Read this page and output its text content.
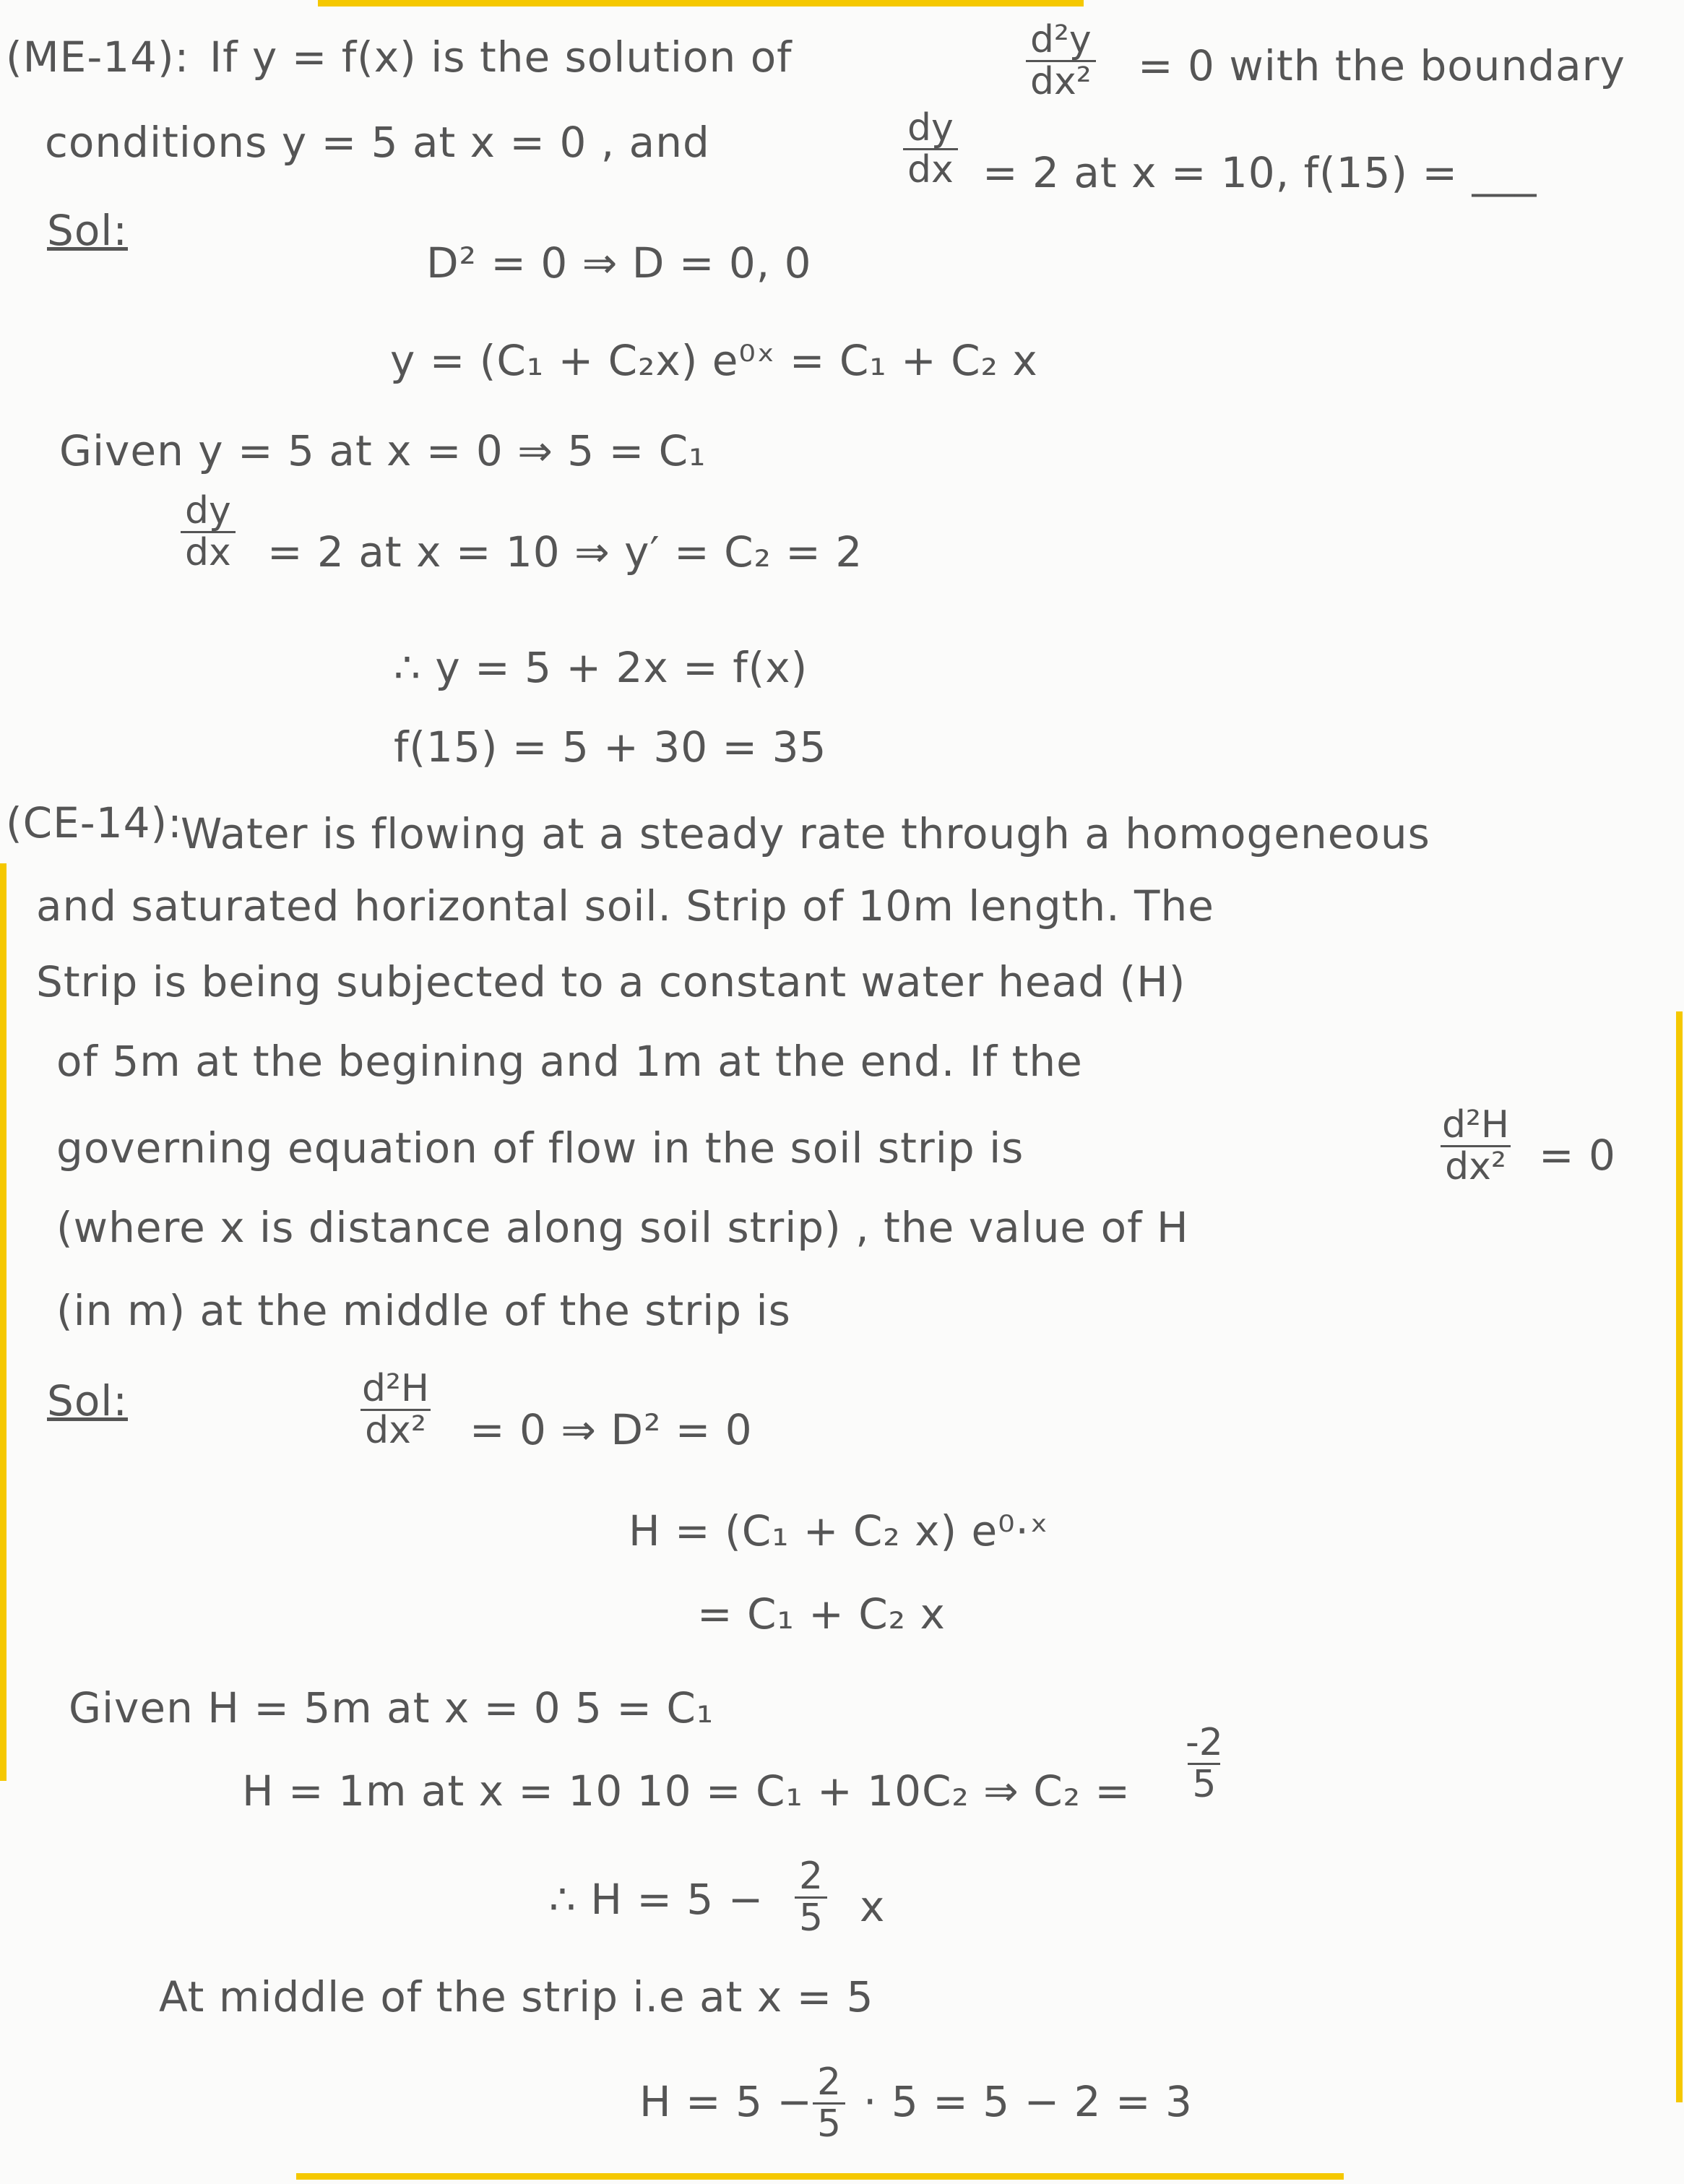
(ME-14): If y = f(x) is the solution of	$\frac{\text{d²y}}{\text{dx²}} = 0$ with the boundary
conditions y = 5 at x = 0 , and	$\frac{dy}{dx} = 2$ at x = 10, f(15) = ___
Sol:
D² = 0 ⇒ D = 0, 0
y = (C₁ + C₂x) e⁰ˣ = C₁ + C₂ x
Given y = 5 at x = 0 ⇒ 5 = C₁
$\frac{dy}{dx} = 2$ at x = 10 ⇒ y′ = C₂ = 2
∴ y = 5 + 2x = f(x)
f(15) = 5 + 30 = 35
(CE-14):
Water is flowing at a steady rate through a homogeneous
and saturated horizontal soil. Strip of 10m length. The
Strip is being subjected to a constant water head (H)
of 5m at the begining and 1m at the end. If the
governing equation of flow in the soil strip is	$\frac{\text{d²H}}{\text{dx²}} = 0$
(where x is distance along soil strip) , the value of H
(in m) at the middle of the strip is
Sol:	$\frac{\text{d²H}}{\text{dx²}} = 0$ ⇒ D² = 0
H = (C₁ + C₂ x) e⁰·ˣ
= C₁ + C₂ x
Given H = 5m at x = 0 5 = C₁
H = 1m at x = 10 10 = C₁ + 10C₂ ⇒ $C_2 = \frac{-2}{5}$
∴ $H = 5 - \frac{2}{5}$ x
At middle of the strip i.e at x = 5
$H = 5 - \frac{2}{5} \cdot 5 = 5 - 2 = 3$
